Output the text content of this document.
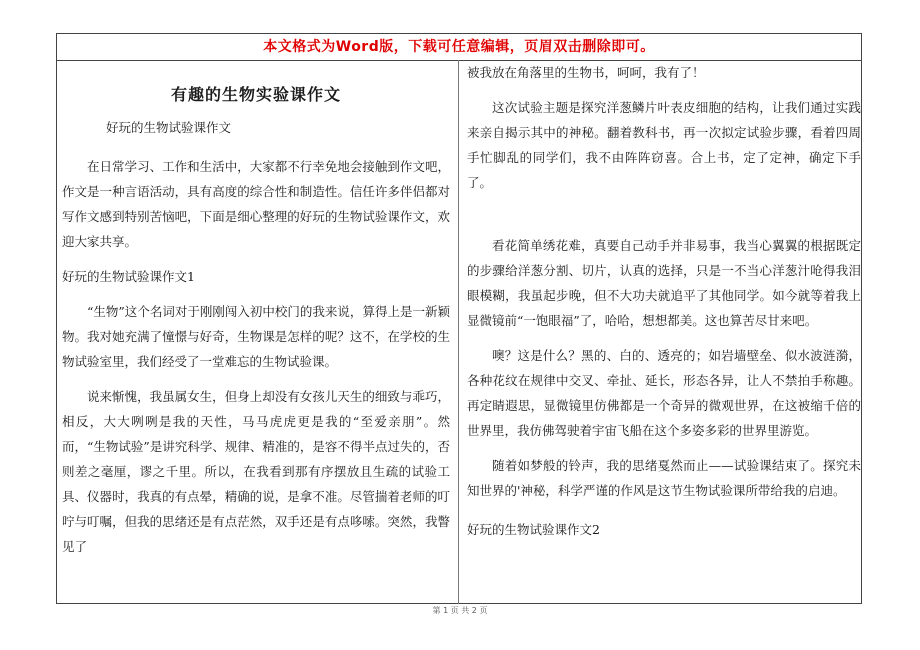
本文格式为Word版，下载可任意编辑，页眉双击删除即可。
有趣的生物实验课作文
好玩的生物试验课作文

在日常学习、工作和生活中，大家都不行幸免地会接触到作文吧，作文是一种言语活动，具有高度的综合性和制造性。信任许多伴侣都对写作文感到特别苦恼吧，下面是细心整理的好玩的生物试验课作文，欢迎大家共享。

好玩的生物试验课作文1

“生物”这个名词对于刚刚闯入初中校门的我来说，算得上是一新颖物。我对她充满了憧憬与好奇，生物课是怎样的呢？这不，在学校的生物试验室里，我们经受了一堂难忘的生物试验课。

说来惭愧，我虽属女生，但身上却没有女孩儿天生的细致与乖巧，相反，大大咧咧是我的天性，马马虎虎更是我的“至爱亲朋”。然而，“生物试验”是讲究科学、规律、精准的，是容不得半点过失的，否则差之毫厘，谬之千里。所以，在我看到那有序摆放且生疏的试验工具、仪器时，我真的有点晕，精确的说，是拿不准。尽管揣着老师的叮咛与叮嘱，但我的思绪还是有点茫然，双手还是有点哆嗦。突然，我瞥见了

被我放在角落里的生物书，呵呵，我有了！

这次试验主题是探究洋葱鳞片叶表皮细胞的结构，让我们通过实践来亲自揭示其中的神秘。翻着教科书，再一次拟定试验步骤，看着四周手忙脚乱的同学们，我不由阵阵窃喜。合上书，定了定神，确定下手了。

看花简单绣花难，真要自己动手并非易事，我当心翼翼的根据既定的步骤给洋葱分割、切片，认真的选择，只是一不当心洋葱汁呛得我泪眼模糊，我虽起步晚，但不大功夫就追平了其他同学。如今就等着我上显微镜前“一饱眼福”了，哈哈，想想都美。这也算苦尽甘来吧。

噢？这是什么？黑的、白的、透亮的；如岩墙壁垒、似水波涟漪，各种花纹在规律中交叉、牵扯、延长，形态各异，让人不禁拍手称趣。再定睛遐思，显微镜里仿佛都是一个奇异的微观世界，在这被缩千倍的世界里，我仿佛驾驶着宇宙飞船在这个多姿多彩的世界里游览。

随着如梦般的铃声，我的思绪戛然而止——试验课结束了。探究未知世界的'神秘，科学严谨的作风是这节生物试验课所带给我的启迪。

好玩的生物试验课作文2

第 1 页 共 2 页
